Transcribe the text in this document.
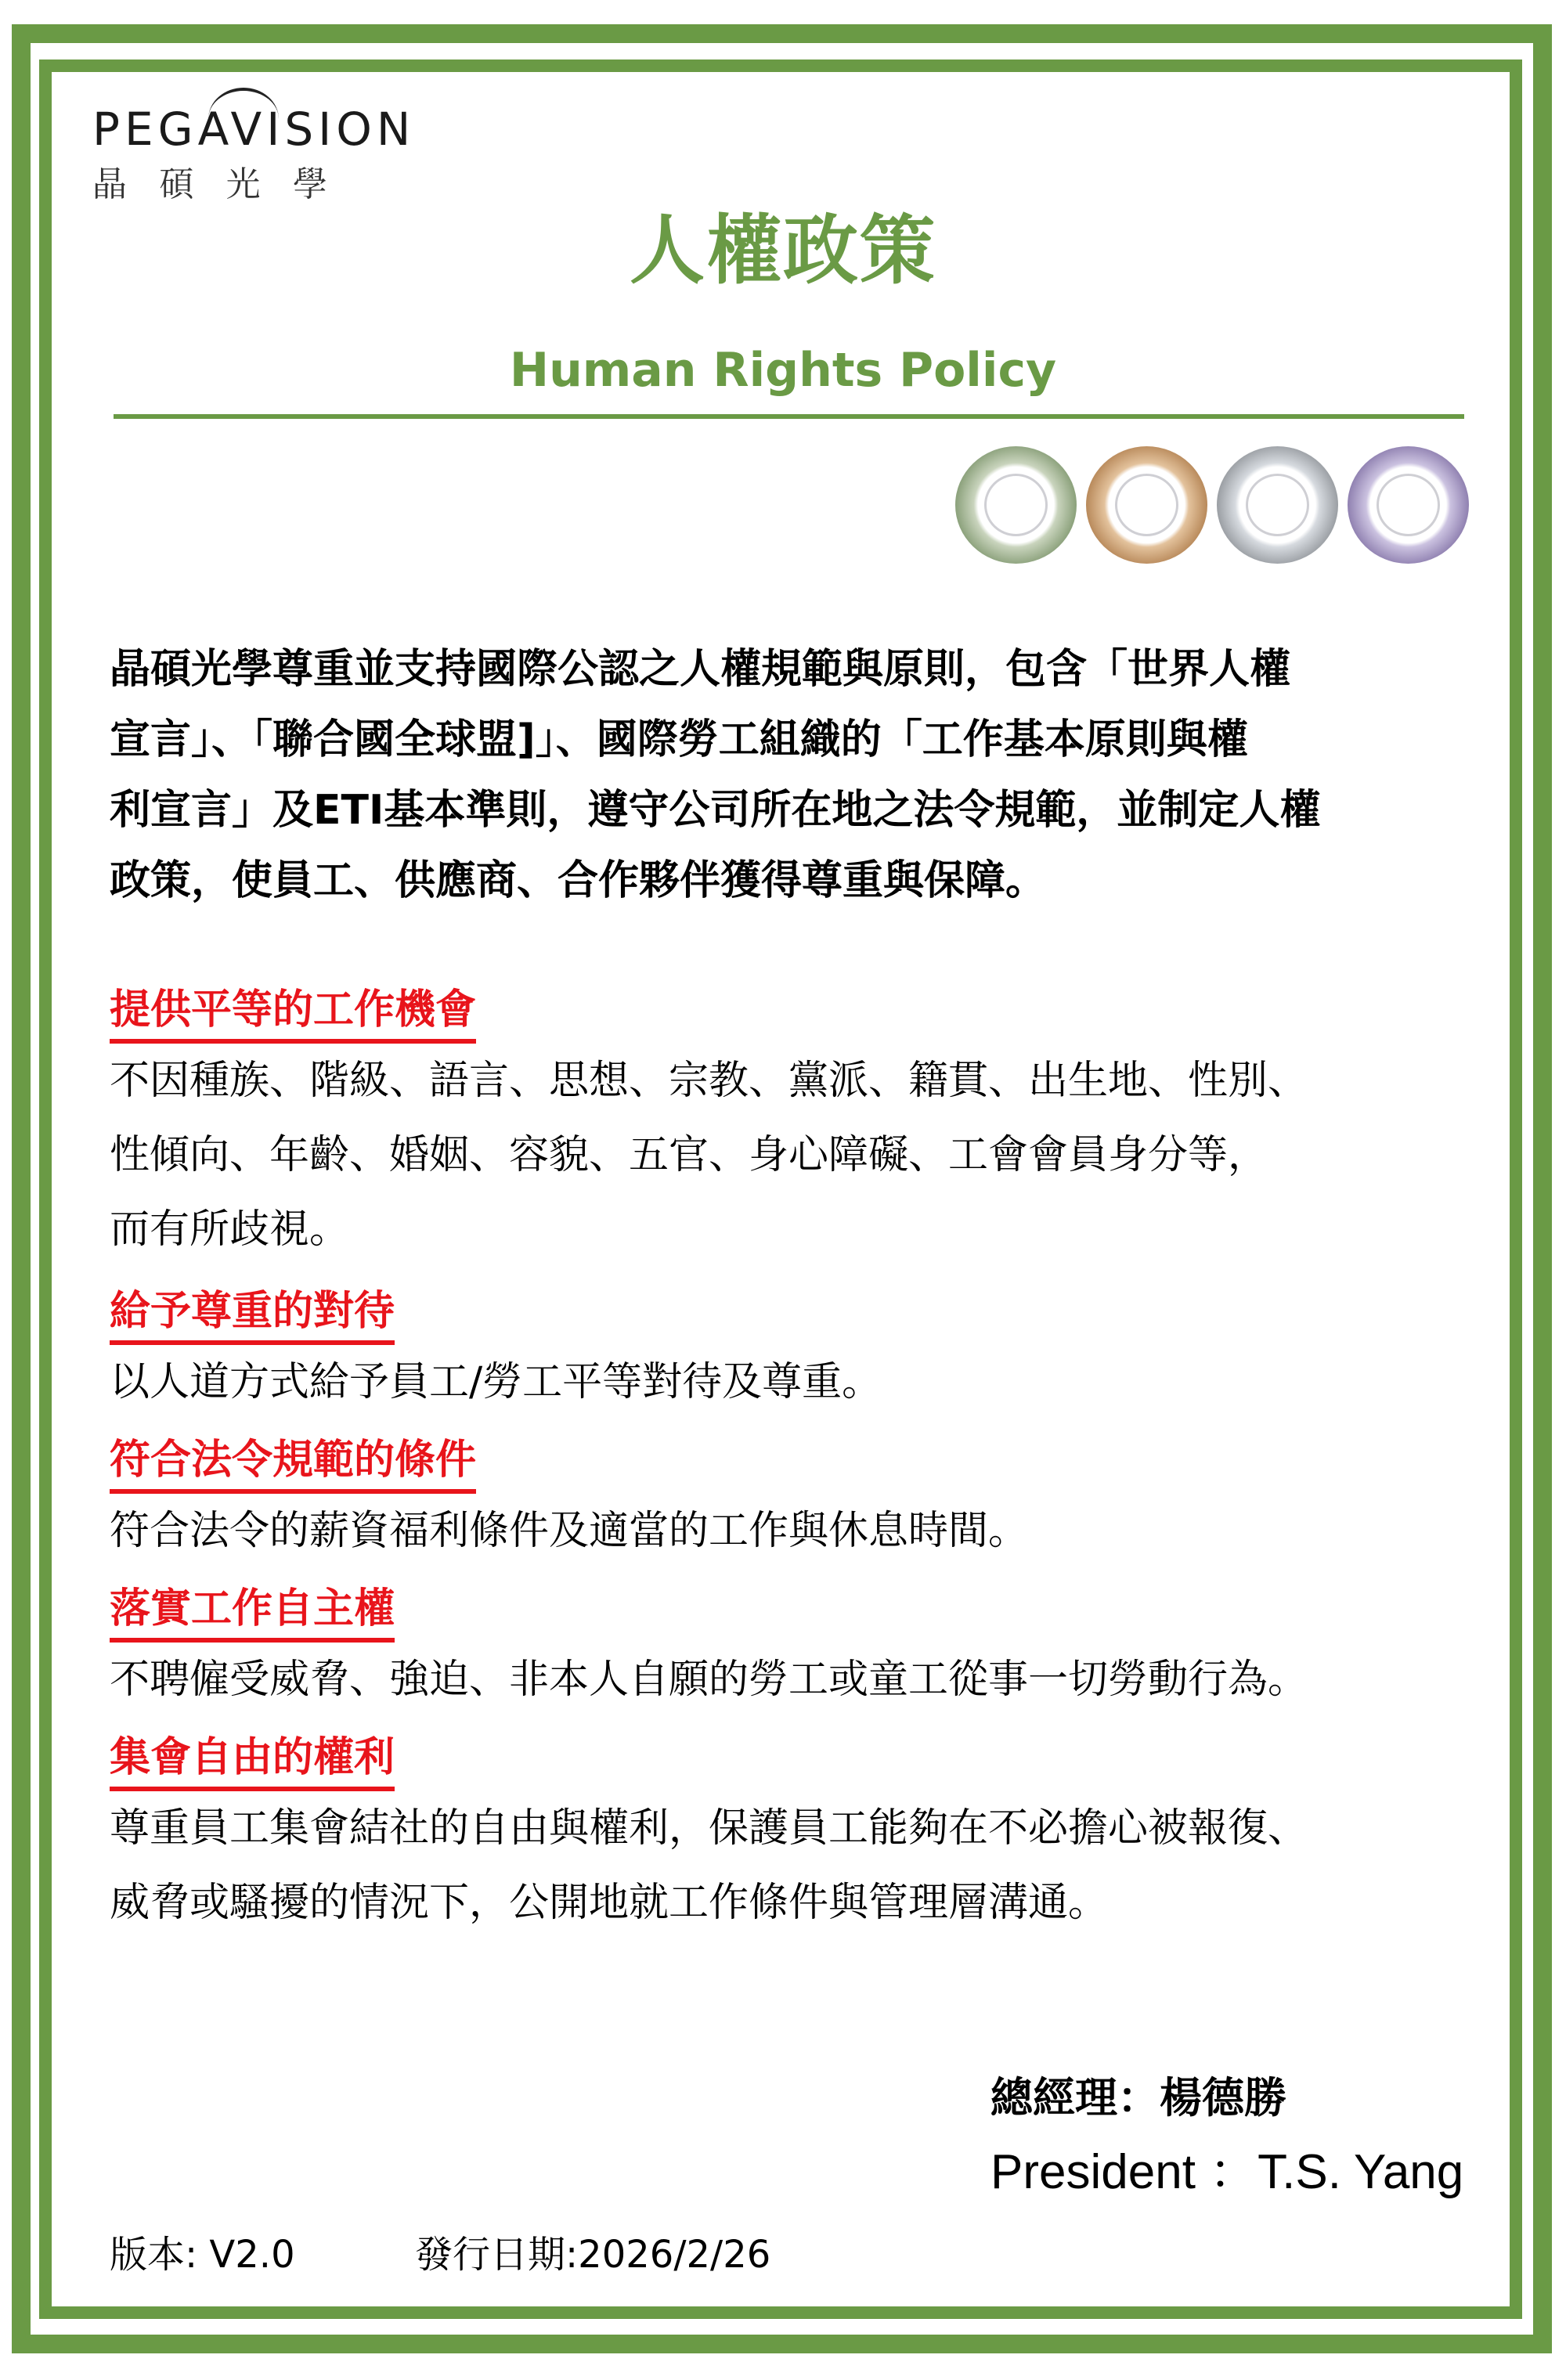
PEGAVISION
晶 碩 光 學
人權政策
Human Rights Policy
晶碩光學尊重並支持國際公認之人權規範與原則，包含「世界人權
宣言」、「聯合國全球盟]」、國際勞工組織的「工作基本原則與權
利宣言」及ETI基本準則，遵守公司所在地之法令規範，並制定人權
政策，使員工、供應商、合作夥伴獲得尊重與保障。
提供平等的工作機會
不因種族、階級、語言、思想、宗教、黨派、籍貫、出生地、性別、
性傾向、年齡、婚姻、容貌、五官、身心障礙、工會會員身分等，
而有所歧視。
給予尊重的對待
以人道方式給予員工/勞工平等對待及尊重。
符合法令規範的條件
符合法令的薪資福利條件及適當的工作與休息時間。
落實工作自主權
不聘僱受威脅、強迫、非本人自願的勞工或童工從事一切勞動行為。
集會自由的權利
尊重員工集會結社的自由與權利，保護員工能夠在不必擔心被報復、
威脅或騷擾的情況下，公開地就工作條件與管理層溝通。
總經理：楊德勝
President ：T.S. Yang
版本: V2.0	發行日期:2026/2/26
